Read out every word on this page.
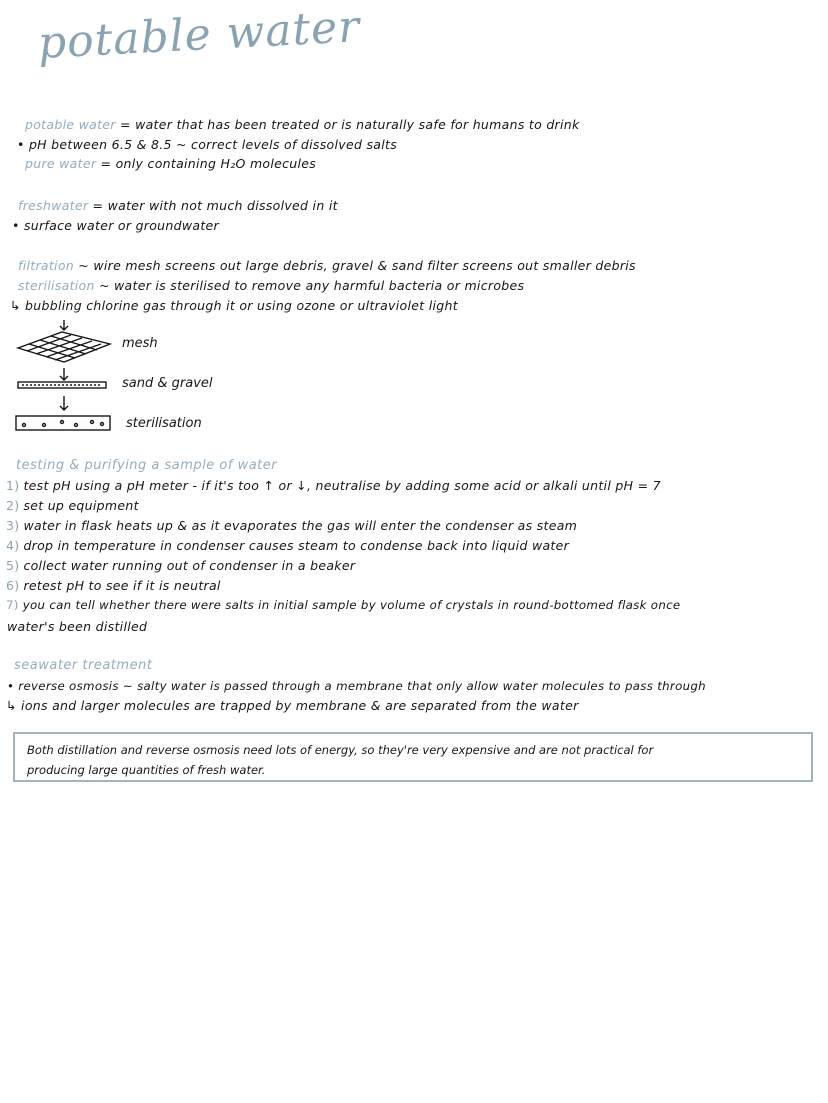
potable water
potable water = water that has been treated or is naturally safe for humans to drink
• pH between 6.5 & 8.5 ~ correct levels of dissolved salts
pure water = only containing H₂O molecules
freshwater = water with not much dissolved in it
• surface water or groundwater
filtration ~ wire mesh screens out large debris, gravel & sand filter screens out smaller debris
sterilisation ~ water is sterilised to remove any harmful bacteria or microbes
↳ bubbling chlorine gas through it or using ozone or ultraviolet light
mesh
sand & gravel
sterilisation
testing & purifying a sample of water
1) test pH using a pH meter - if it's too ↑ or ↓, neutralise by adding some acid or alkali until pH = 7
2) set up equipment
3) water in flask heats up & as it evaporates the gas will enter the condenser as steam
4) drop in temperature in condenser causes steam to condense back into liquid water
5) collect water running out of condenser in a beaker
6) retest pH to see if it is neutral
7) you can tell whether there were salts in initial sample by volume of crystals in round-bottomed flask once
water's been distilled
seawater treatment
• reverse osmosis ~ salty water is passed through a membrane that only allow water molecules to pass through
↳ ions and larger molecules are trapped by membrane & are separated from the water
Both distillation and reverse osmosis need lots of energy, so they're very expensive and are not practical for
producing large quantities of fresh water.
